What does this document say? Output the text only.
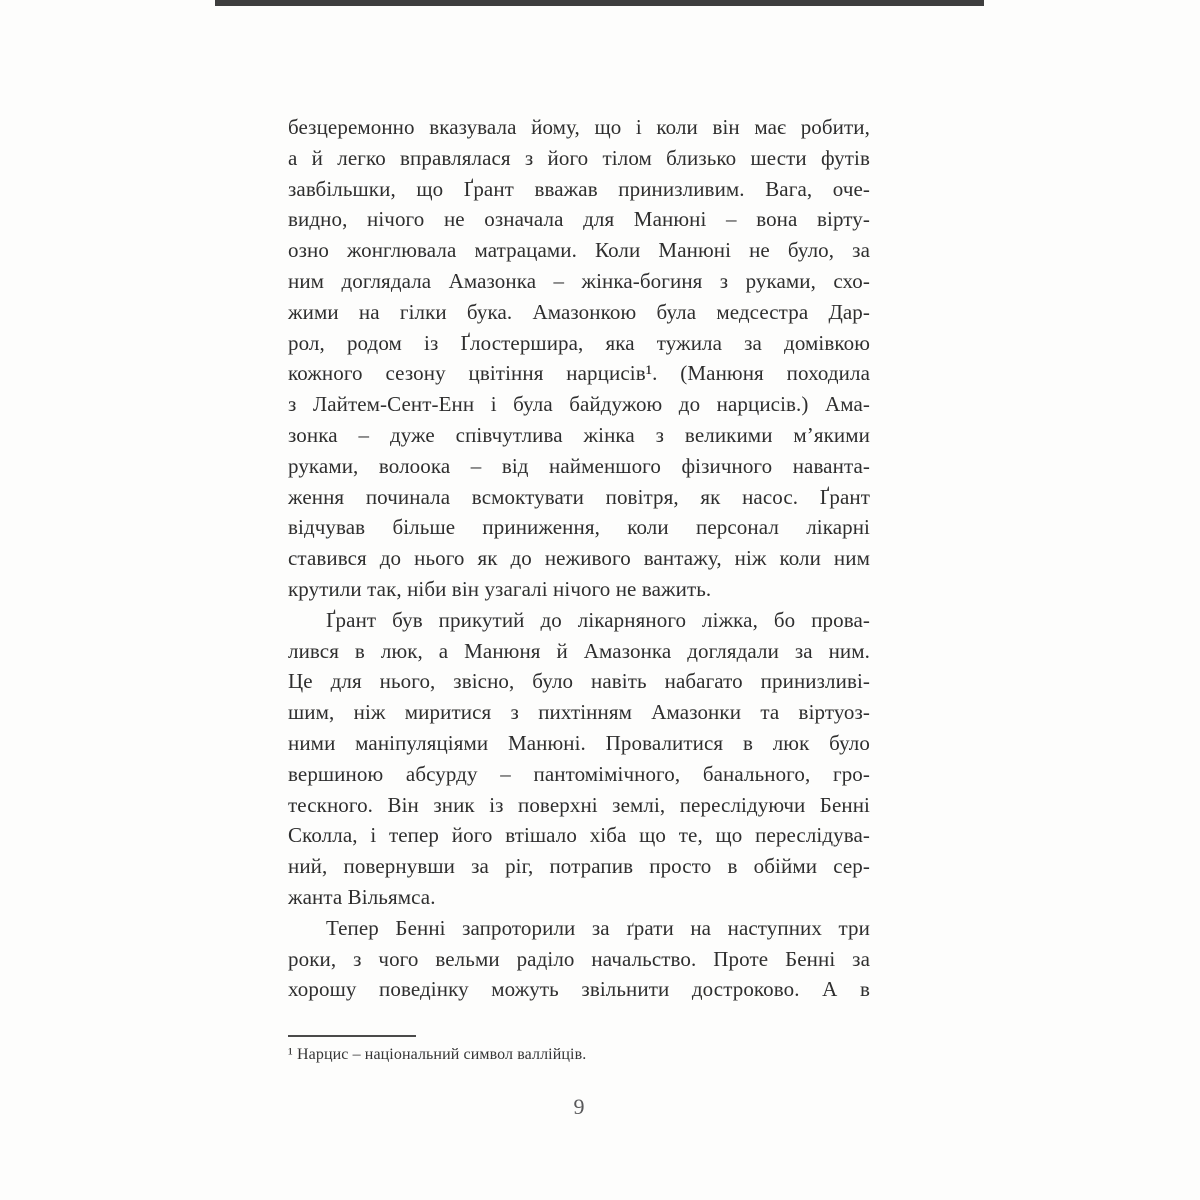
безцеремонно вказувала йому, що і коли він має робити,
а й легко вправлялася з його тілом близько шести футів
завбільшки, що Ґрант вважав принизливим. Вага, оче-
видно, нічого не означала для Манюні – вона вірту-
озно жонглювала матрацами. Коли Манюні не було, за
ним доглядала Амазонка – жінка-богиня з руками, схо-
жими на гілки бука. Амазонкою була медсестра Дар-
рол, родом із Ґлостершира, яка тужила за домівкою
кожного сезону цвітіння нарцисів¹. (Манюня походила
з Лайтем-Сент-Енн і була байдужою до нарцисів.) Ама-
зонка – дуже співчутлива жінка з великими м’якими
руками, волоока – від найменшого фізичного наванта-
ження починала всмоктувати повітря, як насос. Ґрант
відчував більше приниження, коли персонал лікарні
ставився до нього як до неживого вантажу, ніж коли ним
крутили так, ніби він узагалі нічого не важить.
Ґрант був прикутий до лікарняного ліжка, бо прова-
лився в люк, а Манюня й Амазонка доглядали за ним.
Це для нього, звісно, було навіть набагато принизливі-
шим, ніж миритися з пихтінням Амазонки та віртуоз-
ними маніпуляціями Манюні. Провалитися в люк було
вершиною абсурду – пантомімічного, банального, гро-
тескного. Він зник із поверхні землі, переслідуючи Бенні
Сколла, і тепер його втішало хіба що те, що переслідува-
ний, повернувши за ріг, потрапив просто в обійми сер-
жанта Вільямса.
Тепер Бенні запроторили за ґрати на наступних три
роки, з чого вельми раділо начальство. Проте Бенні за
хорошу поведінку можуть звільнити достроково. А в
¹ Нарцис – національний символ валлійців.
9
